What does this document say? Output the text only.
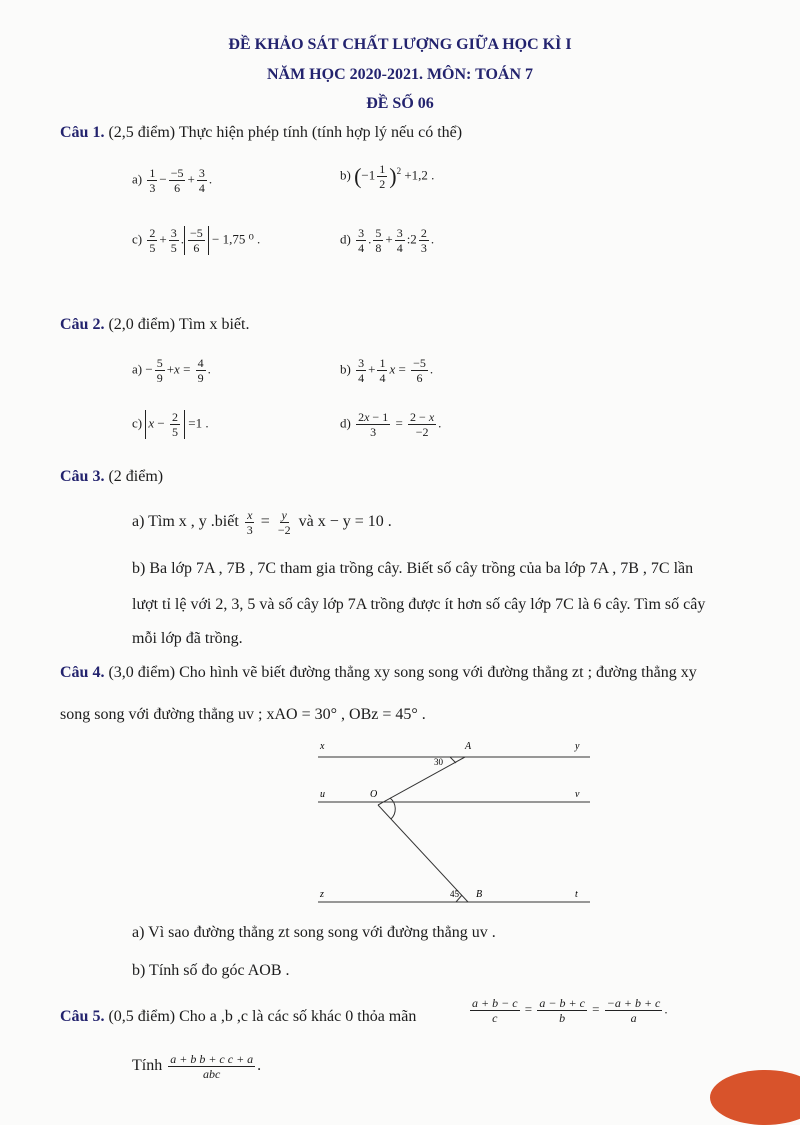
ĐỀ KHẢO SÁT CHẤT LƯỢNG GIỮA HỌC KÌ I
NĂM HỌC 2020-2021. MÔN: TOÁN 7
ĐỀ SỐ 06
Câu 1. (2,5 điểm) Thực hiện phép tính (tính hợp lý nếu có thể)
$a) \frac{1}{3} - \frac{-5}{6} + \frac{3}{4}$ .	b) $(-1 \frac{1}{2} )^2 +1,2$ .
$c) \frac{2}{5} + \frac{3}{5}$ . $\frac{-5}{6} - 1,75$ ⁰ .	$d) \frac{3}{4}$ . $\frac{5}{8} + \frac{3}{4}$ :2 $\frac{2}{3}$ .
Câu 2. (2,0 điểm) Tìm x biết.
$a) - \frac{5}{9} +x = \frac{4}{9}$ .	$b) \frac{3}{4} + \frac{1}{4}$ $x = \frac{-5}{6}$ .
c) $x - \frac{2}{5} =1$ .	$d) \frac{2x - 1}{3} = \frac{2 - x}{-2}$ .
Câu 3. (2 điểm)
a) Tìm x , y .biết $\frac{x}{3} = \frac{y}{-2}$ và x − y = 10 .
b) Ba lớp 7A , 7B , 7C tham gia trồng cây. Biết số cây trồng của ba lớp 7A , 7B , 7C lần
lượt tỉ lệ với 2, 3, 5 và số cây lớp 7A trồng được ít hơn số cây lớp 7C là 6 cây. Tìm số cây
mỗi lớp đã trồng.
Câu 4. (3,0 điểm) Cho hình vẽ biết đường thẳng xy song song với đường thẳng zt ; đường thẳng xy
song song với đường thẳng uv ; xAO = 30° , OBz = 45° .
x	y
u	v
z	t
A
O
B
30
45
a) Vì sao đường thẳng zt song song với đường thẳng uv .
b) Tính số đo góc AOB .
Câu 5. (0,5 điểm) Cho a ,b ,c là các số khác 0 thỏa mãn	$\frac{a + b - c}{c} = \frac{a - b + c}{b} = \frac{-a + b + c}{a}$ .
Tính $\frac{\text{a + b b + c c + a}}{\text{abc}}$ .
